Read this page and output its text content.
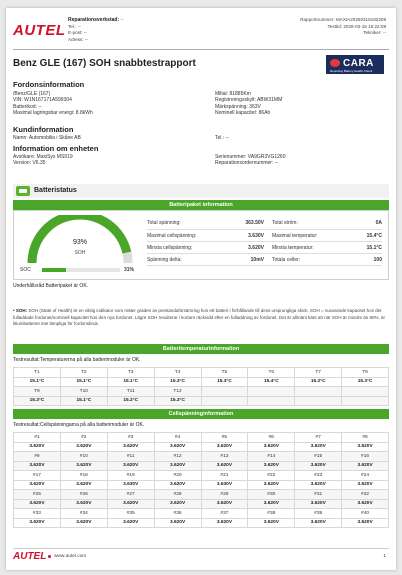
AUTEL
Reparationsverkstad: --
Tel.: --
E-post: --
Adress: --
Rapportnummer: MAXIA20260315182209
Testtid: 2026-03-15 18:22:09
Tekniker: --
Benz GLE (167) SOH snabbtestrapport	CARA
Reporting Battery Health Check
Fordonsinformation
/Benz/GLE (167)
VIN: W1N167171A599304
Batterikod: --
Maximal lagringsbar energi: 8.8kWh
Miltal: 81885Km
Registreringsskylt: ABW31MM
Märkspänning: 363V
Nominell kapacitet: 86Ah
Kundinformation
Namn: Automobilia i Skåne AB	Tel.: --
Information om enheten
Avsökare: MaxiSys MS919
Version: V6.35
Serienummer: VA9GR3VG1260
Reparationsordernummer: --
Batteristatus
Batteripaket information
93%
SOH
SOC	31%
Total spänning:	363.50V
Maximal cellspänning:	3.630V
Minsta cellspänning:	3.620V
Spänning delta:	10mV
Total ström:	0A
Maximal temperatur:	15.4°C
Minsta temperatur:	15.1°C
Totala celler:	100
Underhållsråd Batteripaket är OK.
• SOH: SOH (State of Health) är en viktig indikator som mäter graden av prestandaförsämring hos ett batteri i förhållande till dess ursprungliga skick. SOH = nuvarande kapacitet hos det fulladdade fordonet/nominell kapacitet hos den nya fordonet. Lägre SOH resulterar i kortare räckvidd efter en fulladdning av fordonet. Det är allmänt känt att när SOH är mindre än 80%, är litiumbatteriet inte lämpliga för fordonsbruk.
Batteritemperaturinformation
Testresultat:Temperaturerna på alla batterimoduler är OK.
T1	T2	T3	T4	T5	T6	T7	T8
15.1°C	15.1°C	15.1°C	15.3°C	15.3°C	15.4°C	15.2°C	15.3°C
T9	T10	T11	T12				
15.3°C	15.1°C	15.2°C	15.3°C				
Cellspänninginformation
Testresultat:Cellspänningarna på alla batterimoduler är OK.
#1	#2	#3	#4	#5	#6	#7	#8
3.620V	3.620V	3.620V	3.620V	3.620V	3.620V	3.620V	3.620V
#9	#10	#11	#12	#13	#14	#15	#16
3.620V	3.620V	3.620V	3.620V	3.620V	3.620V	3.620V	3.620V
#17	#18	#19	#20	#21	#22	#23	#24
3.620V	3.620V	3.630V	3.620V	3.630V	3.620V	3.620V	3.620V
#25	#26	#27	#28	#29	#30	#31	#32
3.620V	3.620V	3.620V	3.620V	3.620V	3.620V	3.620V	3.620V
#33	#34	#35	#36	#37	#38	#39	#40
3.620V	3.620V	3.620V	3.620V	3.620V	3.620V	3.620V	3.620V
AUTEL www.autel.com	1
